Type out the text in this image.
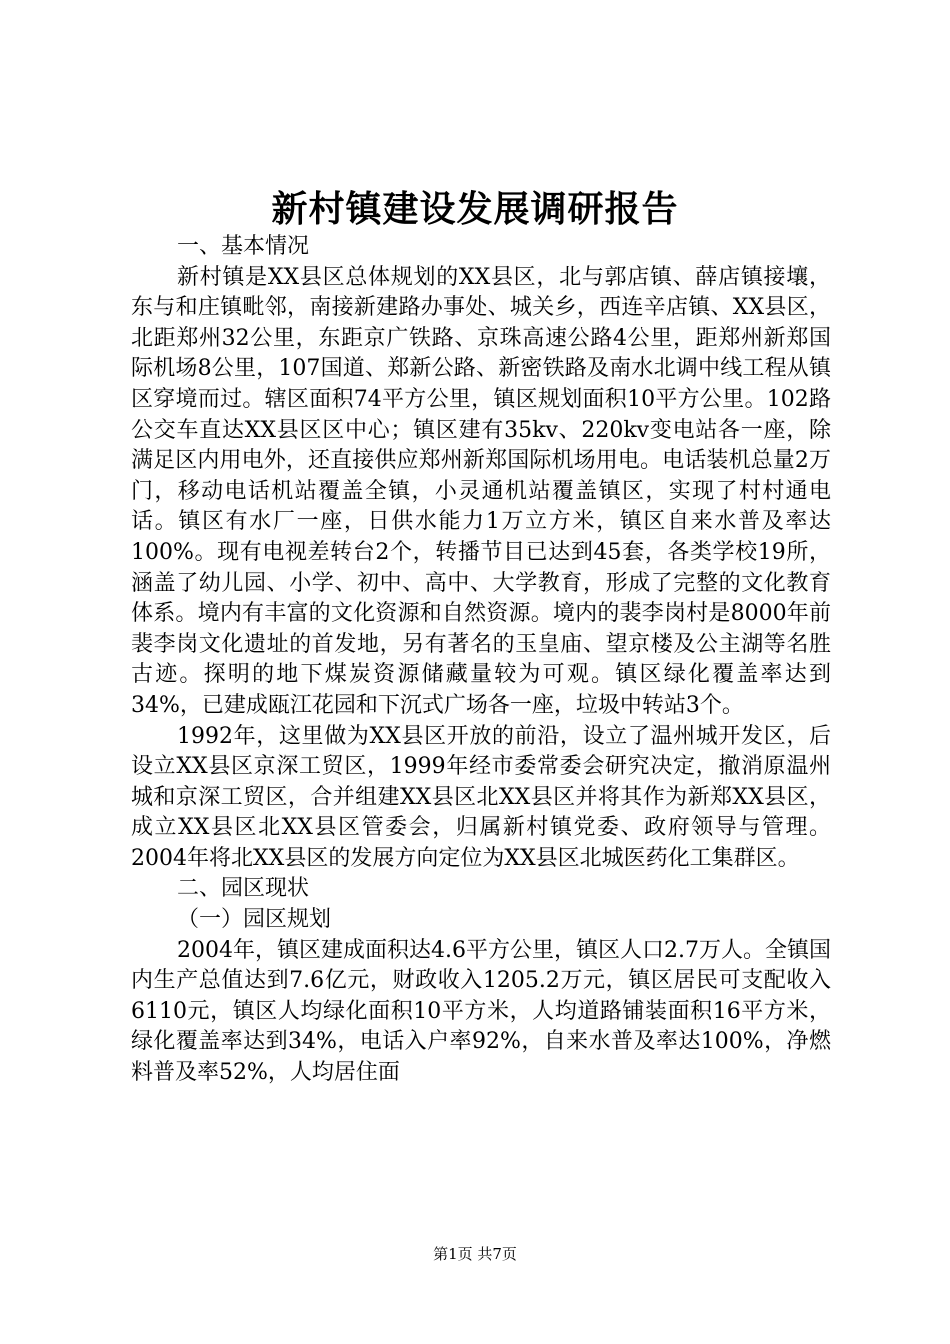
新村镇建设发展调研报告

一、基本情况

新村镇是XX县区总体规划的XX县区，北与郭店镇、薛店镇接壤，东与和庄镇毗邻，南接新建路办事处、城关乡，西连辛店镇、XX县区，北距郑州32公里，东距京广铁路、京珠高速公路4公里，距郑州新郑国际机场8公里，107国道、郑新公路、新密铁路及南水北调中线工程从镇区穿境而过。辖区面积74平方公里，镇区规划面积10平方公里。102路公交车直达XX县区区中心；镇区建有35kv、220kv变电站各一座，除满足区内用电外，还直接供应郑州新郑国际机场用电。电话装机总量2万门，移动电话机站覆盖全镇，小灵通机站覆盖镇区，实现了村村通电话。镇区有水厂一座，日供水能力1万立方米，镇区自来水普及率达100%。现有电视差转台2个，转播节目已达到45套，各类学校19所，涵盖了幼儿园、小学、初中、高中、大学教育，形成了完整的文化教育体系。境内有丰富的文化资源和自然资源。境内的裴李岗村是8000年前裴李岗文化遗址的首发地，另有著名的玉皇庙、望京楼及公主湖等名胜古迹。探明的地下煤炭资源储藏量较为可观。镇区绿化覆盖率达到34%，已建成瓯江花园和下沉式广场各一座，垃圾中转站3个。

1992年，这里做为XX县区开放的前沿，设立了温州城开发区，后设立XX县区京深工贸区，1999年经市委常委会研究决定，撤消原温州城和京深工贸区，合并组建XX县区北XX县区并将其作为新郑XX县区，成立XX县区北XX县区管委会，归属新村镇党委、政府领导与管理。2004年将北XX县区的发展方向定位为XX县区北城医药化工集群区。

二、园区现状

（一）园区规划

2004年，镇区建成面积达4.6平方公里，镇区人口2.7万人。全镇国内生产总值达到7.6亿元，财政收入1205.2万元，镇区居民可支配收入6110元，镇区人均绿化面积10平方米，人均道路铺装面积16平方米，绿化覆盖率达到34%，电话入户率92%，自来水普及率达100%，净燃料普及率52%，人均居住面

第1页 共7页
